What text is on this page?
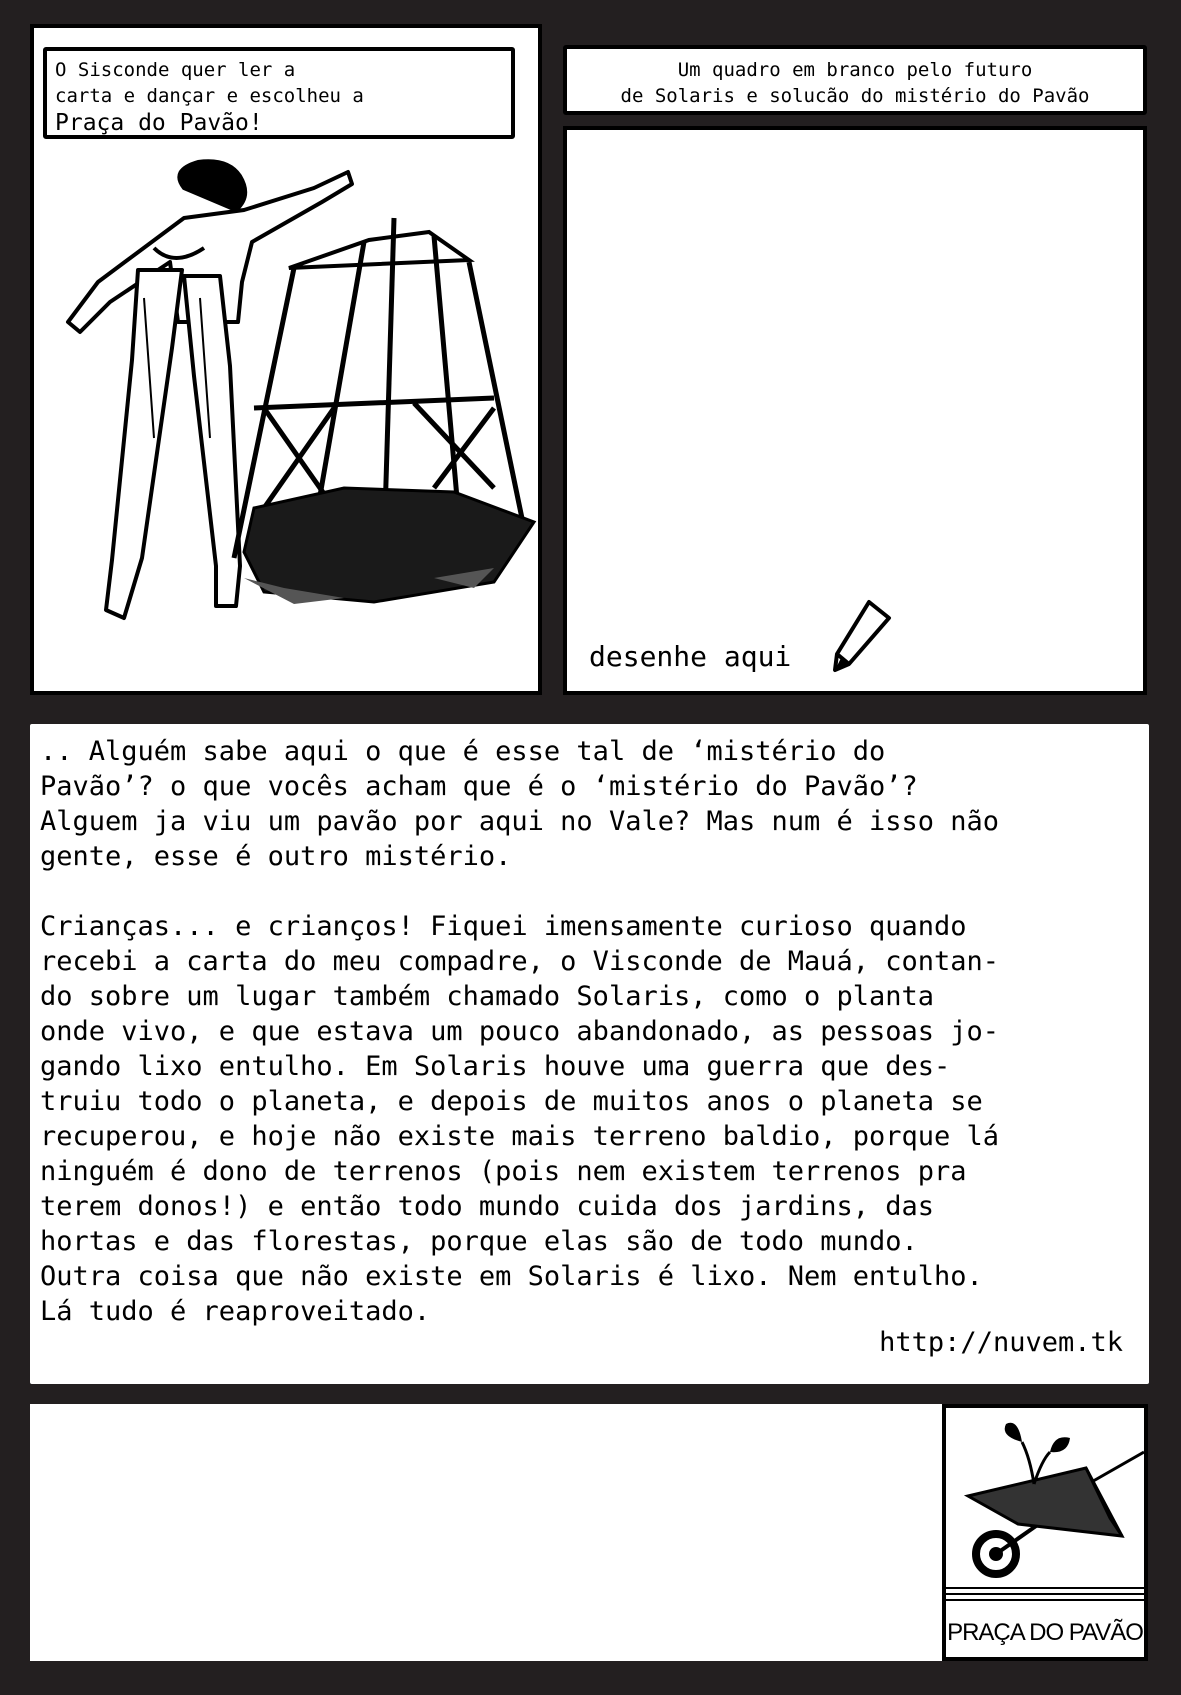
O Sisconde quer ler a
carta e dançar e escolheu a
Praça do Pavão!
Um quadro em branco pelo futuro
de Solaris e solucão do mistério do Pavão
desenhe aqui
.. Alguém sabe aqui o que é esse tal de ‘mistério do
Pavão’? o que vocês acham que é o ‘mistério do Pavão’?
Alguem ja viu um pavão por aqui no Vale? Mas num é isso não
gente, esse é outro mistério.

Crianças... e crianços! Fiquei imensamente curioso quando
recebi a carta do meu compadre, o Visconde de Mauá, contan-
do sobre um lugar também chamado Solaris, como o planta
onde vivo, e que estava um pouco abandonado, as pessoas jo-
gando lixo entulho. Em Solaris houve uma guerra que des-
truiu todo o planeta, e depois de muitos anos o planeta se
recuperou, e hoje não existe mais terreno baldio, porque lá
ninguém é dono de terrenos (pois nem existem terrenos pra
terem donos!) e então todo mundo cuida dos jardins, das
hortas e das florestas, porque elas são de todo mundo.
Outra coisa que não existe em Solaris é lixo. Nem entulho.
Lá tudo é reaproveitado.
http://nuvem.tk
PRAÇA DO PAVÃO
